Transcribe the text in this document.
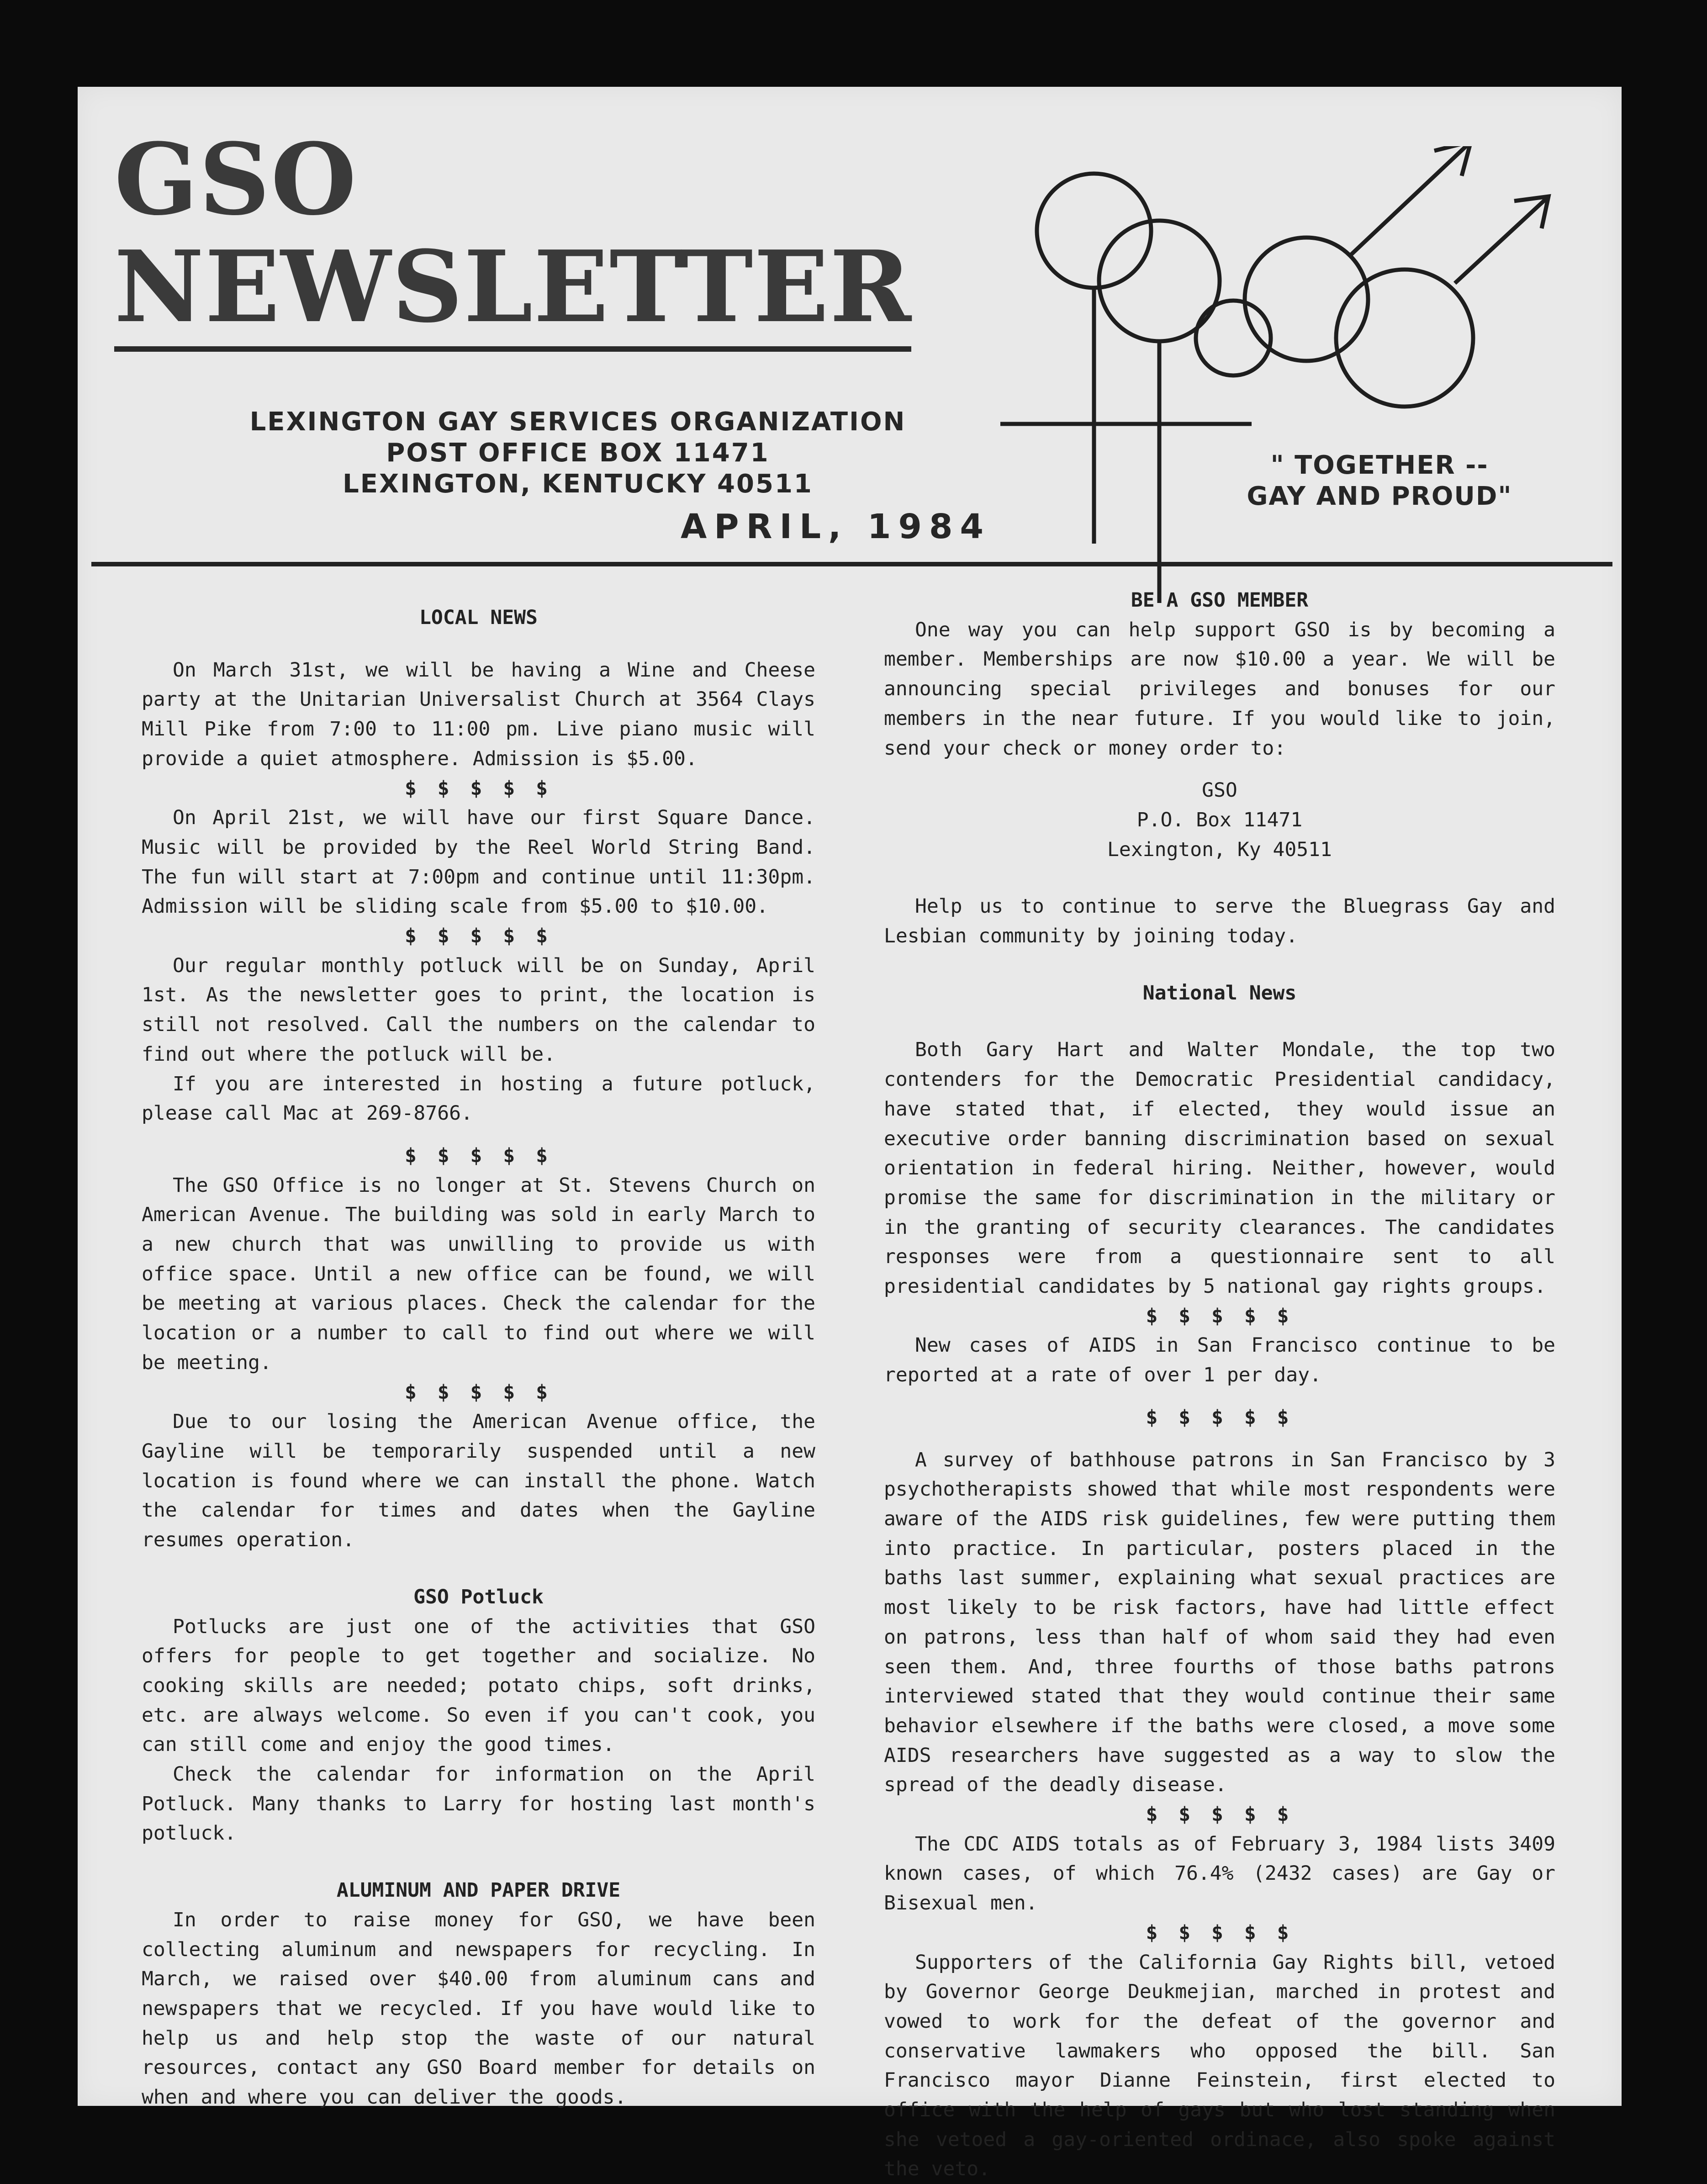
GSO
NEWSLETTER
LEXINGTON GAY SERVICES ORGANIZATION
POST OFFICE BOX 11471
LEXINGTON, KENTUCKY 40511
APRIL, 1984
" TOGETHER --
GAY AND PROUD"

LOCAL NEWS

On March 31st, we will be having a Wine and Cheese party at the Unitarian Universalist Church at 3564 Clays Mill Pike from 7:00 to 11:00 pm. Live piano music will provide a quiet atmosphere. Admission is $5.00.

$ $ $ $ $

On April 21st, we will have our first Square Dance. Music will be provided by the Reel World String Band. The fun will start at 7:00pm and continue until 11:30pm. Admission will be sliding scale from $5.00 to $10.00.

$ $ $ $ $

Our regular monthly potluck will be on Sunday, April 1st. As the newsletter goes to print, the location is still not resolved. Call the numbers on the calendar to find out where the potluck will be.

If you are interested in hosting a future potluck, please call Mac at 269-8766.

$ $ $ $ $

The GSO Office is no longer at St. Stevens Church on American Avenue. The building was sold in early March to a new church that was unwilling to provide us with office space. Until a new office can be found, we will be meeting at various places. Check the calendar for the location or a number to call to find out where we will be meeting.

$ $ $ $ $

Due to our losing the American Avenue office, the Gayline will be temporarily suspended until a new location is found where we can install the phone. Watch the calendar for times and dates when the Gayline resumes operation.

GSO Potluck

Potlucks are just one of the activities that GSO offers for people to get together and socialize. No cooking skills are needed; potato chips, soft drinks, etc. are always welcome. So even if you can't cook, you can still come and enjoy the good times.

Check the calendar for information on the April Potluck. Many thanks to Larry for hosting last month's potluck.

ALUMINUM AND PAPER DRIVE

In order to raise money for GSO, we have been collecting aluminum and newspapers for recycling. In March, we raised over $40.00 from aluminum cans and newspapers that we recycled. If you have would like to help us and help stop the waste of our natural resources, contact any GSO Board member for details on when and where you can deliver the goods.

BE A GSO MEMBER

One way you can help support GSO is by becoming a member. Memberships are now $10.00 a year. We will be announcing special privileges and bonuses for our members in the near future. If you would like to join, send your check or money order to:

GSO

P.O. Box 11471

Lexington, Ky 40511

Help us to continue to serve the Bluegrass Gay and Lesbian community by joining today.

National News

Both Gary Hart and Walter Mondale, the top two contenders for the Democratic Presidential candidacy, have stated that, if elected, they would issue an executive order banning discrimination based on sexual orientation in federal hiring. Neither, however, would promise the same for discrimination in the military or in the granting of security clearances. The candidates responses were from a questionnaire sent to all presidential candidates by 5 national gay rights groups.

$ $ $ $ $

New cases of AIDS in San Francisco continue to be reported at a rate of over 1 per day.

$ $ $ $ $

A survey of bathhouse patrons in San Francisco by 3 psychotherapists showed that while most respondents were aware of the AIDS risk guidelines, few were putting them into practice. In particular, posters placed in the baths last summer, explaining what sexual practices are most likely to be risk factors, have had little effect on patrons, less than half of whom said they had even seen them. And, three fourths of those baths patrons interviewed stated that they would continue their same behavior elsewhere if the baths were closed, a move some AIDS researchers have suggested as a way to slow the spread of the deadly disease.

$ $ $ $ $

The CDC AIDS totals as of February 3, 1984 lists 3409 known cases, of which 76.4% (2432 cases) are Gay or Bisexual men.

$ $ $ $ $

Supporters of the California Gay Rights bill, vetoed by Governor George Deukmejian, marched in protest and vowed to work for the defeat of the governor and conservative lawmakers who opposed the bill. San Francisco mayor Dianne Feinstein, first elected to office with the help of gays but who lost standing when she vetoed a gay-oriented ordinace, also spoke against the veto.
